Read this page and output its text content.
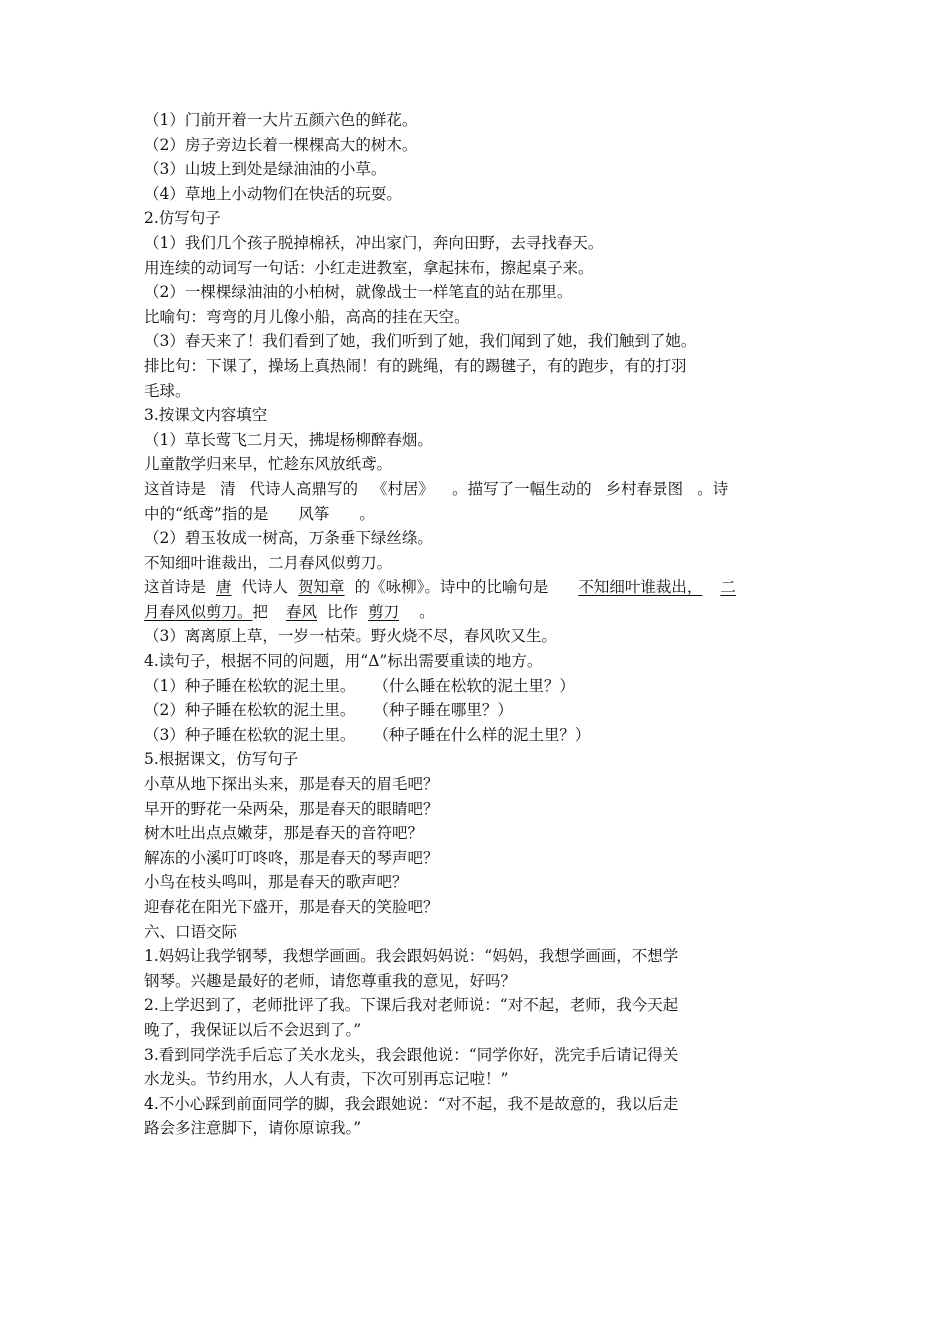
（1）门前开着一大片五颜六色的鲜花。
（2）房子旁边长着一棵棵高大的树木。
（3）山坡上到处是绿油油的小草。
（4）草地上小动物们在快活的玩耍。
2.仿写句子
（1）我们几个孩子脱掉棉袄，冲出家门，奔向田野，去寻找春天。
用连续的动词写一句话：小红走进教室，拿起抹布，擦起桌子来。
（2）一棵棵绿油油的小柏树，就像战士一样笔直的站在那里。
比喻句：弯弯的月儿像小船，高高的挂在天空。
（3）春天来了！我们看到了她，我们听到了她，我们闻到了她，我们触到了她。
排比句：下课了，操场上真热闹！有的跳绳，有的踢毽子，有的跑步，有的打羽
毛球。
3.按课文内容填空
（1）草长莺飞二月天，拂堤杨柳醉春烟。
儿童散学归来早，忙趁东风放纸鸢。
这首诗是 清 代诗人高鼎写的 《村居》 。描写了一幅生动的 乡村春景图 。诗
中的“纸鸢”指的是 风筝 。
（2）碧玉妆成一树高，万条垂下绿丝绦。
不知细叶谁裁出，二月春风似剪刀。
这首诗是 唐 代诗人 贺知章 的《咏柳》。诗中的比喻句是 不知细叶谁裁出， 二
月春风似剪刀。把 春风 比作 剪刀 。
（3）离离原上草，一岁一枯荣。野火烧不尽，春风吹又生。
4.读句子，根据不同的问题，用“Δ”标出需要重读的地方。
（1）种子睡在松软的泥土里。 （什么睡在松软的泥土里？）
（2）种子睡在松软的泥土里。 （种子睡在哪里？）
（3）种子睡在松软的泥土里。 （种子睡在什么样的泥土里？）
5.根据课文，仿写句子
小草从地下探出头来，那是春天的眉毛吧？
早开的野花一朵两朵，那是春天的眼睛吧？
树木吐出点点嫩芽，那是春天的音符吧？
解冻的小溪叮叮咚咚，那是春天的琴声吧？
小鸟在枝头鸣叫，那是春天的歌声吧？
迎春花在阳光下盛开，那是春天的笑脸吧？
六、口语交际
1.妈妈让我学钢琴，我想学画画。我会跟妈妈说：“妈妈，我想学画画，不想学
钢琴。兴趣是最好的老师，请您尊重我的意见，好吗？
2.上学迟到了，老师批评了我。下课后我对老师说：“对不起，老师，我今天起
晚了，我保证以后不会迟到了。”
3.看到同学洗手后忘了关水龙头，我会跟他说：“同学你好，洗完手后请记得关
水龙头。节约用水，人人有责，下次可别再忘记啦！”
4.不小心踩到前面同学的脚，我会跟她说：“对不起，我不是故意的，我以后走
路会多注意脚下，请你原谅我。”
